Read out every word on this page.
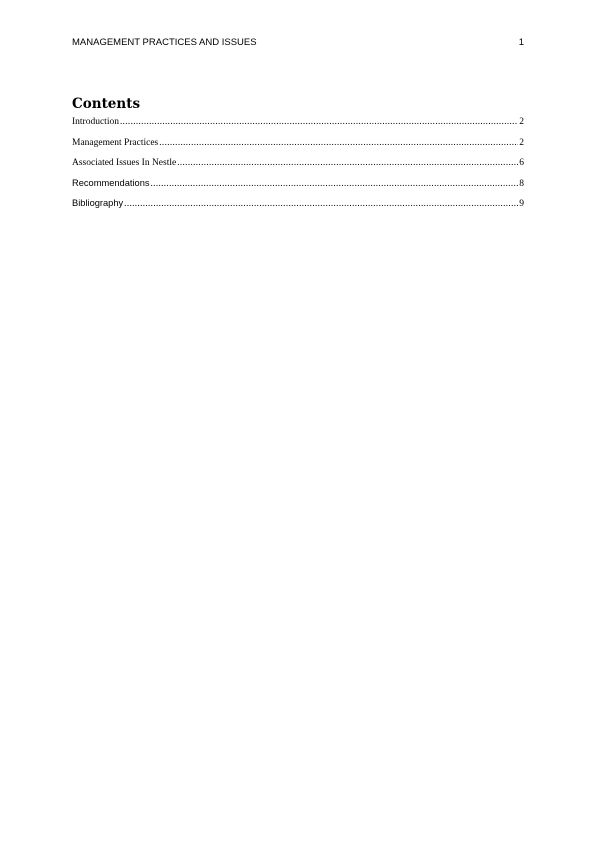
MANAGEMENT PRACTICES AND ISSUES	1
Contents
Introduction .....	2
Management Practices .....	2
Associated Issues In Nestle .....	6
Recommendations .....	8
Bibliography .....	9
